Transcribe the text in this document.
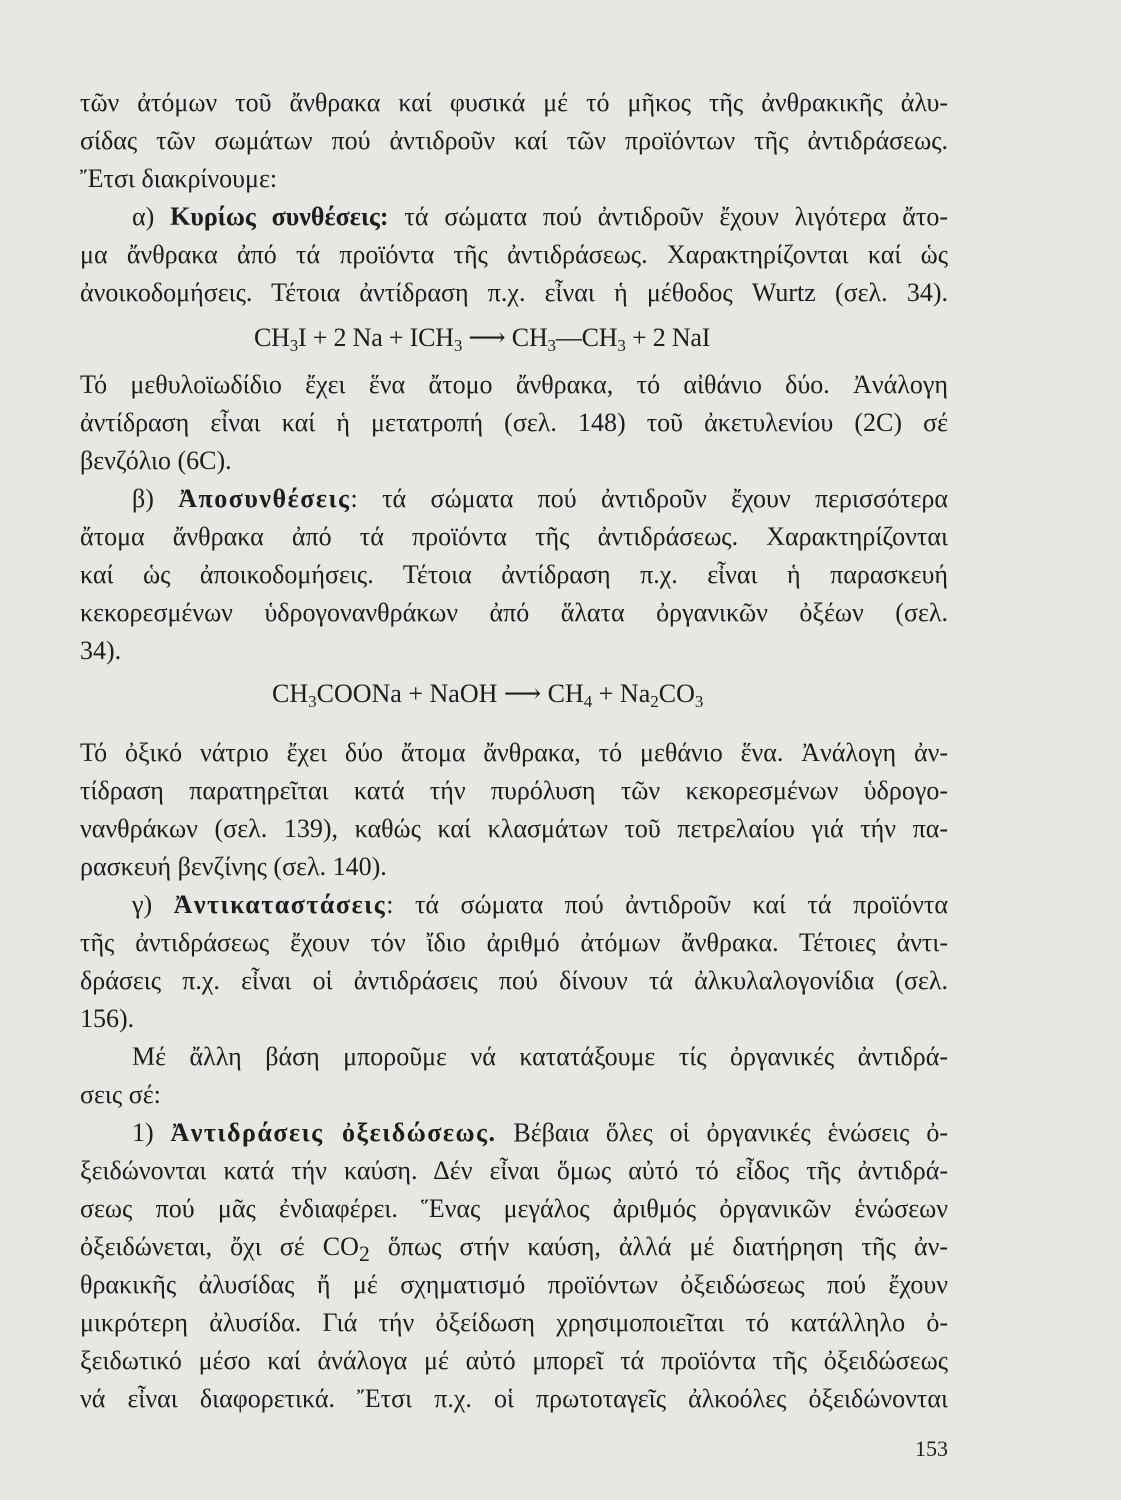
τῶν ἀτόμων τοῦ ἄνθρακα καί φυσικά μέ τό μῆκος τῆς ἀνθρακικῆς ἀλυ-
σίδας τῶν σωμάτων πού ἀντιδροῦν καί τῶν προϊόντων τῆς ἀντιδράσεως.
Ἔτσι διακρίνουμε:
α) Κυρίως συνθέσεις: τά σώματα πού ἀντιδροῦν ἔχουν λιγότερα ἄτο-
μα ἄνθρακα ἀπό τά προϊόντα τῆς ἀντιδράσεως. Χαρακτηρίζονται καί ὡς
ἀνοικοδομήσεις. Τέτοια ἀντίδραση π.χ. εἶναι ἡ μέθοδος Wurtz (σελ. 34).
$CH_3I + 2$ $Na + ICH_3$ ⟶ $CH_3—CH_3 + 2$ NaI
Τό μεθυλοϊωδίδιο ἔχει ἕνα ἄτομο ἄνθρακα, τό αἰθάνιο δύο. Ἀνάλογη
ἀντίδραση εἶναι καί ἡ μετατροπή (σελ. 148) τοῦ ἀκετυλενίου (2C) σέ
βενζόλιο (6C).
β) Ἀποσυνθέσεις: τά σώματα πού ἀντιδροῦν ἔχουν περισσότερα
ἄτομα ἄνθρακα ἀπό τά προϊόντα τῆς ἀντιδράσεως. Χαρακτηρίζονται
καί ὡς ἀποικοδομήσεις. Τέτοια ἀντίδραση π.χ. εἶναι ἡ παρασκευή
κεκορεσμένων ὑδρογονανθράκων ἀπό ἅλατα ὀργανικῶν ὀξέων (σελ.
34).
$CH_3COONa$ + NaOH ⟶ $CH_4 + Na_2CO_3$
Τό ὀξικό νάτριο ἔχει δύο ἄτομα ἄνθρακα, τό μεθάνιο ἕνα. Ἀνάλογη ἀν-
τίδραση παρατηρεῖται κατά τήν πυρόλυση τῶν κεκορεσμένων ὑδρογο-
νανθράκων (σελ. 139), καθώς καί κλασμάτων τοῦ πετρελαίου γιά τήν πα-
ρασκευή βενζίνης (σελ. 140).
γ) Ἀντικαταστάσεις: τά σώματα πού ἀντιδροῦν καί τά προϊόντα
τῆς ἀντιδράσεως ἔχουν τόν ἴδιο ἀριθμό ἀτόμων ἄνθρακα. Τέτοιες ἀντι-
δράσεις π.χ. εἶναι οἱ ἀντιδράσεις πού δίνουν τά ἀλκυλαλογονίδια (σελ.
156).
Μέ ἄλλη βάση μποροῦμε νά κατατάξουμε τίς ὀργανικές ἀντιδρά-
σεις σέ:
1) Ἀντιδράσεις ὀξειδώσεως. Βέβαια ὅλες οἱ ὀργανικές ἑνώσεις ὀ-
ξειδώνονται κατά τήν καύση. Δέν εἶναι ὅμως αὐτό τό εἶδος τῆς ἀντιδρά-
σεως πού μᾶς ἐνδιαφέρει. Ἕνας μεγάλος ἀριθμός ὀργανικῶν ἑνώσεων
ὀξειδώνεται, ὄχι σέ $CO_2$ ὅπως στήν καύση, ἀλλά μέ διατήρηση τῆς ἀν-
θρακικῆς ἀλυσίδας ἤ μέ σχηματισμό προϊόντων ὀξειδώσεως πού ἔχουν
μικρότερη ἀλυσίδα. Γιά τήν ὀξείδωση χρησιμοποιεῖται τό κατάλληλο ὀ-
ξειδωτικό μέσο καί ἀνάλογα μέ αὐτό μπορεῖ τά προϊόντα τῆς ὀξειδώσεως
νά εἶναι διαφορετικά. Ἔτσι π.χ. οἱ πρωτοταγεῖς ἀλκοόλες ὀξειδώνονται
153
